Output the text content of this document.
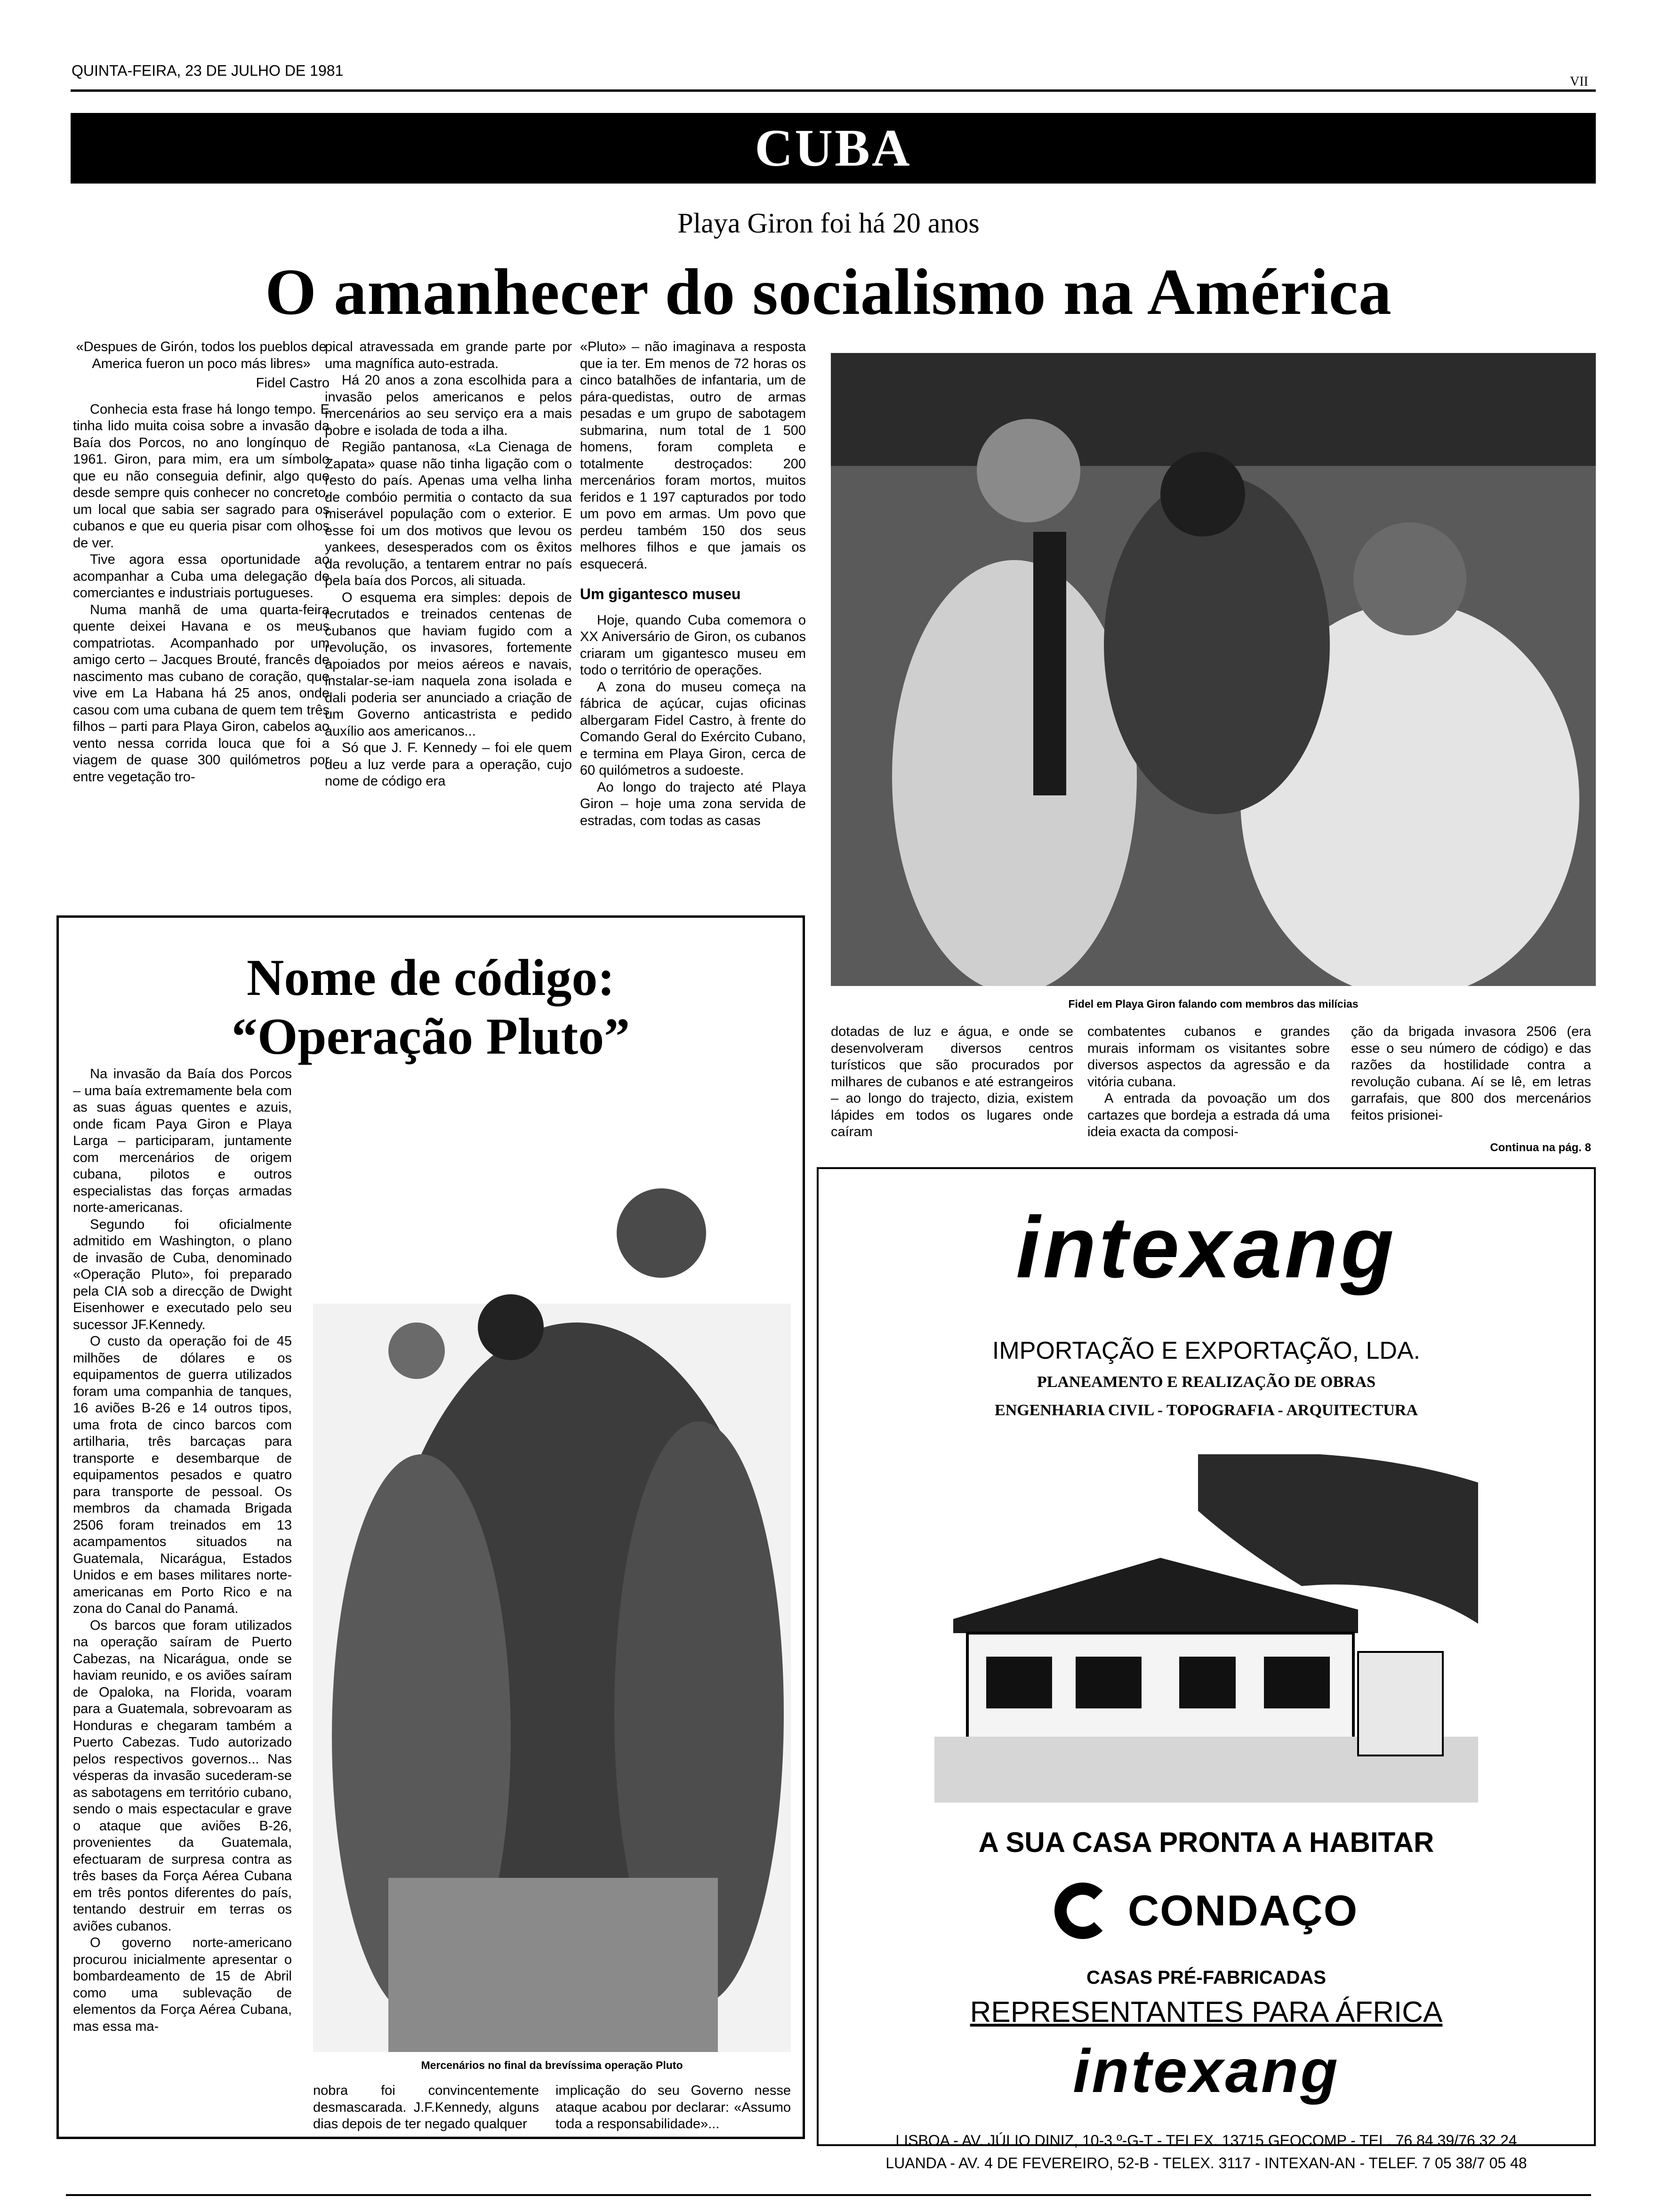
QUINTA-FEIRA, 23 DE JULHO DE 1981
VII
CUBA
Playa Giron foi há 20 anos
O amanhecer do socialismo na América

«Despues de Girón, todos los pueblos de America fueron un poco más libres»

Fidel Castro

Conhecia esta frase há longo tempo. E tinha lido muita coisa sobre a invasão da Baía dos Porcos, no ano longínquo de 1961. Giron, para mim, era um símbolo que eu não conseguia definir, algo que desde sempre quis conhecer no concreto, um local que sabia ser sagrado para os cubanos e que eu queria pisar com olhos de ver.

Tive agora essa oportunidade ao acompanhar a Cuba uma delegação de comerciantes e industriais portugueses.

Numa manhã de uma quarta-feira quente deixei Havana e os meus compatriotas. Acompanhado por um amigo certo – Jacques Brouté, francês de nascimento mas cubano de coração, que vive em La Habana há 25 anos, onde casou com uma cubana de quem tem três filhos – parti para Playa Giron, cabelos ao vento nessa corrida louca que foi a viagem de quase 300 quilómetros por entre vegetação tro-

pical atravessada em grande parte por uma magnífica auto-estrada.

Há 20 anos a zona escolhida para a invasão pelos americanos e pelos mercenários ao seu serviço era a mais pobre e isolada de toda a ilha.

Região pantanosa, «La Cienaga de Zapata» quase não tinha ligação com o resto do país. Apenas uma velha linha de combóio permitia o contacto da sua miserável população com o exterior. E esse foi um dos motivos que levou os yankees, desesperados com os êxitos da revolução, a tentarem entrar no país pela baía dos Porcos, ali situada.

O esquema era simples: depois de recrutados e treinados centenas de cubanos que haviam fugido com a revolução, os invasores, fortemente apoiados por meios aéreos e navais, instalar-se-iam naquela zona isolada e dali poderia ser anunciado a criação de um Governo anticastrista e pedido auxílio aos americanos...

Só que J. F. Kennedy – foi ele quem deu a luz verde para a operação, cujo nome de código era

«Pluto» – não imaginava a resposta que ia ter. Em menos de 72 horas os cinco batalhões de infantaria, um de pára-quedistas, outro de armas pesadas e um grupo de sabotagem submarina, num total de 1 500 homens, foram completa e totalmente destroçados: 200 mercenários foram mortos, muitos feridos e 1 197 capturados por todo um povo em armas. Um povo que perdeu também 150 dos seus melhores filhos e que jamais os esquecerá.

Um gigantesco museu

Hoje, quando Cuba comemora o XX Aniversário de Giron, os cubanos criaram um gigantesco museu em todo o território de operações.

A zona do museu começa na fábrica de açúcar, cujas oficinas albergaram Fidel Castro, à frente do Comando Geral do Exército Cubano, e termina em Playa Giron, cerca de 60 quilómetros a sudoeste.

Ao longo do trajecto até Playa Giron – hoje uma zona servida de estradas, com todas as casas

Fidel em Playa Giron falando com membros das milícias

dotadas de luz e água, e onde se desenvolveram diversos centros turísticos que são procurados por milhares de cubanos e até estrangeiros – ao longo do trajecto, dizia, existem lápides em todos os lugares onde caíram

combatentes cubanos e grandes murais informam os visitantes sobre diversos aspectos da agressão e da vitória cubana.

A entrada da povoação um dos cartazes que bordeja a estrada dá uma ideia exacta da composi-

ção da brigada invasora 2506 (era esse o seu número de código) e das razões da hostilidade contra a revolução cubana. Aí se lê, em letras garrafais, que 800 dos mercenários feitos prisionei-

Continua na pág. 8
Nome de código:
“Operação Pluto”

Na invasão da Baía dos Porcos – uma baía extremamente bela com as suas águas quentes e azuis, onde ficam Paya Giron e Playa Larga – participaram, juntamente com mercenários de origem cubana, pilotos e outros especialistas das forças armadas norte-americanas.

Segundo foi oficialmente admitido em Washington, o plano de invasão de Cuba, denominado «Operação Pluto», foi preparado pela CIA sob a direcção de Dwight Eisenhower e executado pelo seu sucessor JF.Kennedy.

O custo da operação foi de 45 milhões de dólares e os equipamentos de guerra utilizados foram uma companhia de tanques, 16 aviões B-26 e 14 outros tipos, uma frota de cinco barcos com artilharia, três barcaças para transporte e desembarque de equipamentos pesados e quatro para transporte de pessoal. Os membros da chamada Brigada 2506 foram treinados em 13 acampamentos situados na Guatemala, Nicarágua, Estados Unidos e em bases militares norte-americanas em Porto Rico e na zona do Canal do Panamá.

Os barcos que foram utilizados na operação saíram de Puerto Cabezas, na Nicarágua, onde se haviam reunido, e os aviões saíram de Opaloka, na Florida, voaram para a Guatemala, sobrevoaram as Honduras e chegaram também a Puerto Cabezas. Tudo autorizado pelos respectivos governos... Nas vésperas da invasão sucederam-se as sabotagens em território cubano, sendo o mais espectacular e grave o ataque que aviões B-26, provenientes da Guatemala, efectuaram de surpresa contra as três bases da Força Aérea Cubana em três pontos diferentes do país, tentando destruir em terras os aviões cubanos.

O governo norte-americano procurou inicialmente apresentar o bombardeamento de 15 de Abril como uma sublevação de elementos da Força Aérea Cubana, mas essa ma-

Mercenários no final da brevíssima operação Pluto

nobra foi convincentemente desmascarada. J.F.Kennedy, alguns dias depois de ter negado qualquer

implicação do seu Governo nesse ataque acabou por declarar: «Assumo toda a responsabilidade»...

intexang
IMPORTAÇÃO E EXPORTAÇÃO, LDA.
PLANEAMENTO E REALIZAÇÃO DE OBRAS
ENGENHARIA CIVIL - TOPOGRAFIA - ARQUITECTURA
A SUA CASA PRONTA A HABITAR
CONDAÇO
CASAS PRÉ-FABRICADAS
REPRESENTANTES PARA ÁFRICA
intexang
LISBOA - AV. JÚLIO DINIZ, 10-3.º-G-T - TELEX. 13715 GEOCOMP - TEL. 76 84 39/76 32 24
LUANDA - AV. 4 DE FEVEREIRO, 52-B - TELEX. 3117 - INTEXAN-AN - TELEF. 7 05 38/7 05 48
